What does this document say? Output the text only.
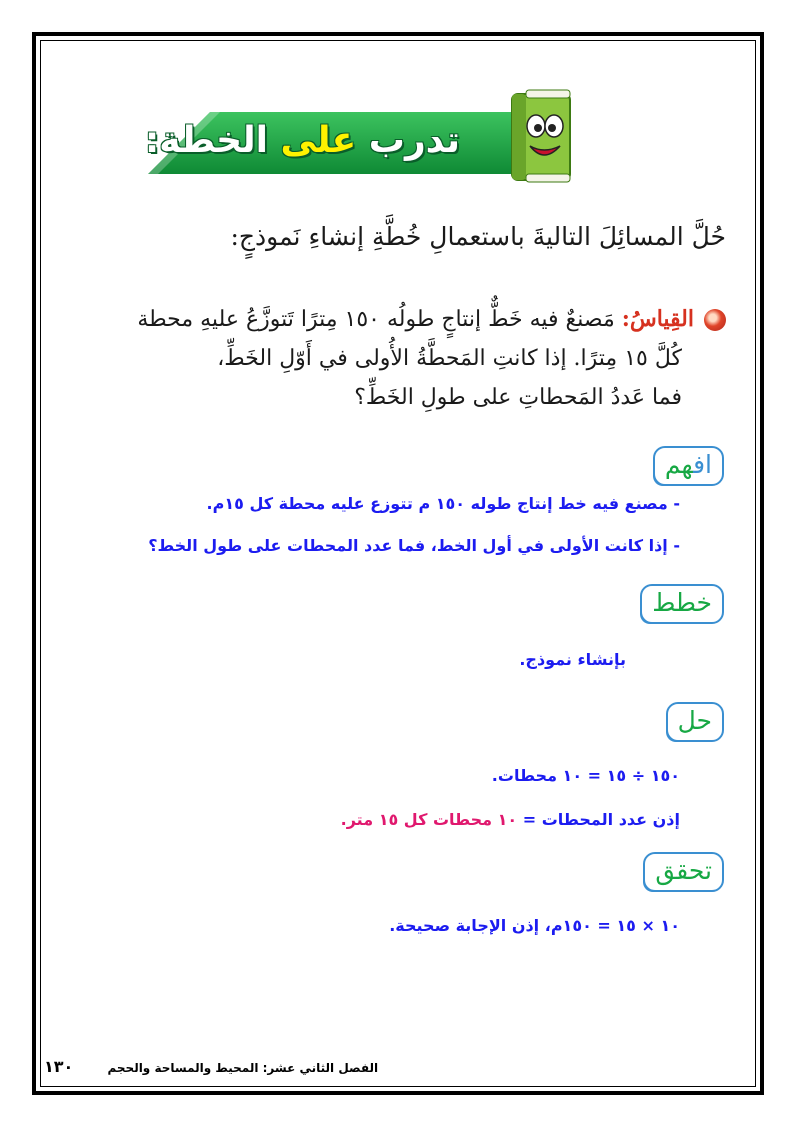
تدرب على الخطة:
حُلَّ المسائِلَ التاليةَ باستعمالِ خُطَّةِ إنشاءِ نَموذجٍ:
القِياسُ: مَصنعٌ فيه خَطٌّ إنتاجٍ طولُه ١٥٠ مِترًا تَتوزَّعُ عليهِ محطة
كُلَّ ١٥ مِترًا. إذا كانتِ المَحطَّةُ الأُولى في أَوّلِ الخَطِّ،
فما عَددُ المَحطاتِ على طولِ الخَطِّ؟
افهم
- مصنع فيه خط إنتاج طوله ١٥٠ م تتوزع عليه محطة كل ١٥م.
- إذا كانت الأولى في أول الخط، فما عدد المحطات على طول الخط؟
خطط
بإنشاء نموذج.
حل
١٥٠ ÷ ١٥ = ١٠ محطات.
إذن عدد المحطات = ١٠ محطات كل ١٥ متر.
تحقق
١٠ × ١٥ = ١٥٠م، إذن الإجابة صحيحة.
الفصل الثاني عشر: المحيط والمساحة والحجم ١٣٠
